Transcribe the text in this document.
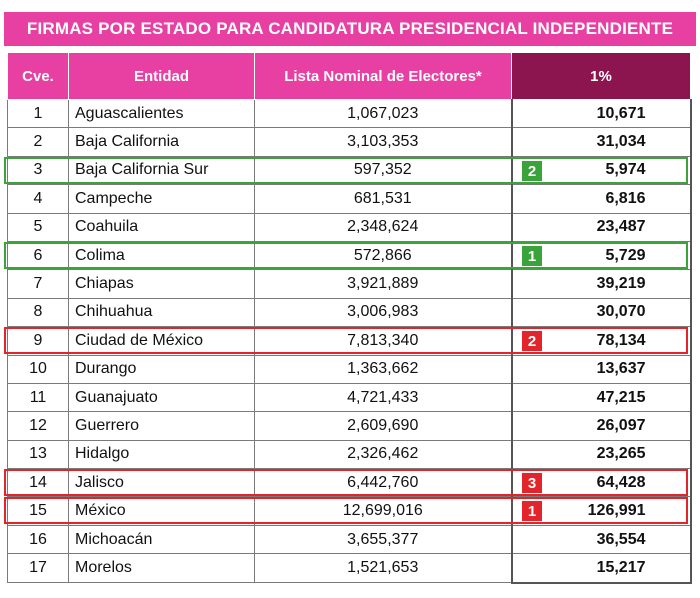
FIRMAS POR ESTADO PARA CANDIDATURA PRESIDENCIAL INDEPENDIENTE
Cve.	Entidad	Lista Nominal de Electores*	1%
1	Aguascalientes	1,067,023	10,671
2	Baja California	3,103,353	31,034
3	Baja California Sur	597,352	5,974
4	Campeche	681,531	6,816
5	Coahuila	2,348,624	23,487
6	Colima	572,866	5,729
7	Chiapas	3,921,889	39,219
8	Chihuahua	3,006,983	30,070
9	Ciudad de México	7,813,340	78,134
10	Durango	1,363,662	13,637
11	Guanajuato	4,721,433	47,215
12	Guerrero	2,609,690	26,097
13	Hidalgo	2,326,462	23,265
14	Jalisco	6,442,760	64,428
15	México	12,699,016	126,991
16	Michoacán	3,655,377	36,554
17	Morelos	1,521,653	15,217
2
1
2
3
1
